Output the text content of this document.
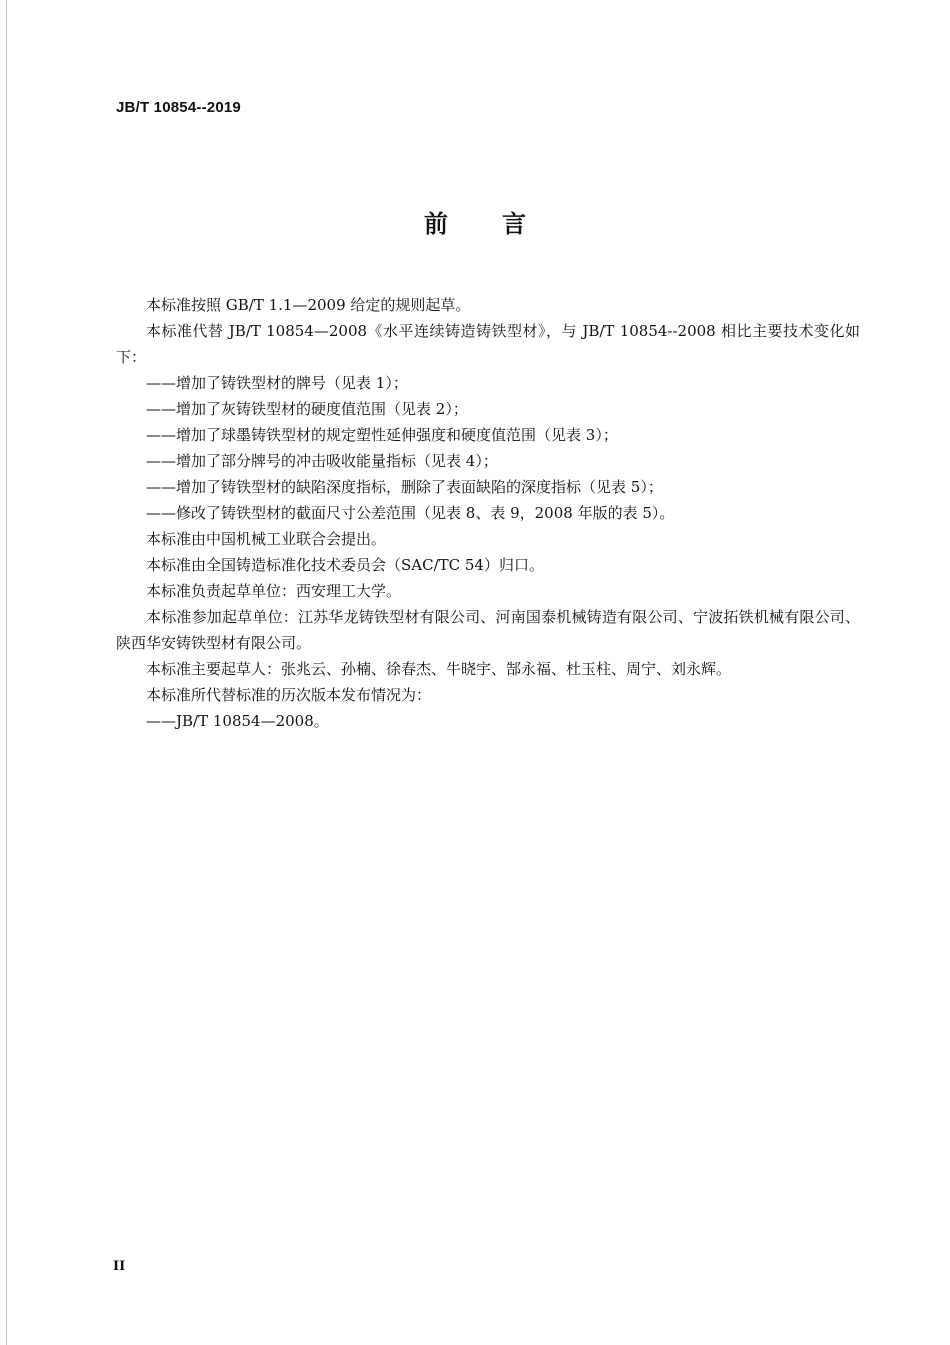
JB/T 10854--2019
前言

本标准按照 GB/T 1.1—2009 给定的规则起草。

本标准代替 JB/T 10854—2008《水平连续铸造铸铁型材》，与 JB/T 10854--2008 相比主要技术变化如下：

——增加了铸铁型材的牌号（见表 1）；

——增加了灰铸铁型材的硬度值范围（见表 2）；

——增加了球墨铸铁型材的规定塑性延伸强度和硬度值范围（见表 3）；

——增加了部分牌号的冲击吸收能量指标（见表 4）；

——增加了铸铁型材的缺陷深度指标，删除了表面缺陷的深度指标（见表 5）；

——修改了铸铁型材的截面尺寸公差范围（见表 8、表 9，2008 年版的表 5）。

本标准由中国机械工业联合会提出。

本标准由全国铸造标准化技术委员会（SAC/TC 54）归口。

本标准负责起草单位：西安理工大学。

本标准参加起草单位：江苏华龙铸铁型材有限公司、河南国泰机械铸造有限公司、宁波拓铁机械有限公司、陕西华安铸铁型材有限公司。

本标准主要起草人：张兆云、孙楠、徐春杰、牛晓宇、郜永福、杜玉柱、周宁、刘永辉。

本标准所代替标准的历次版本发布情况为：

——JB/T 10854—2008。

II
